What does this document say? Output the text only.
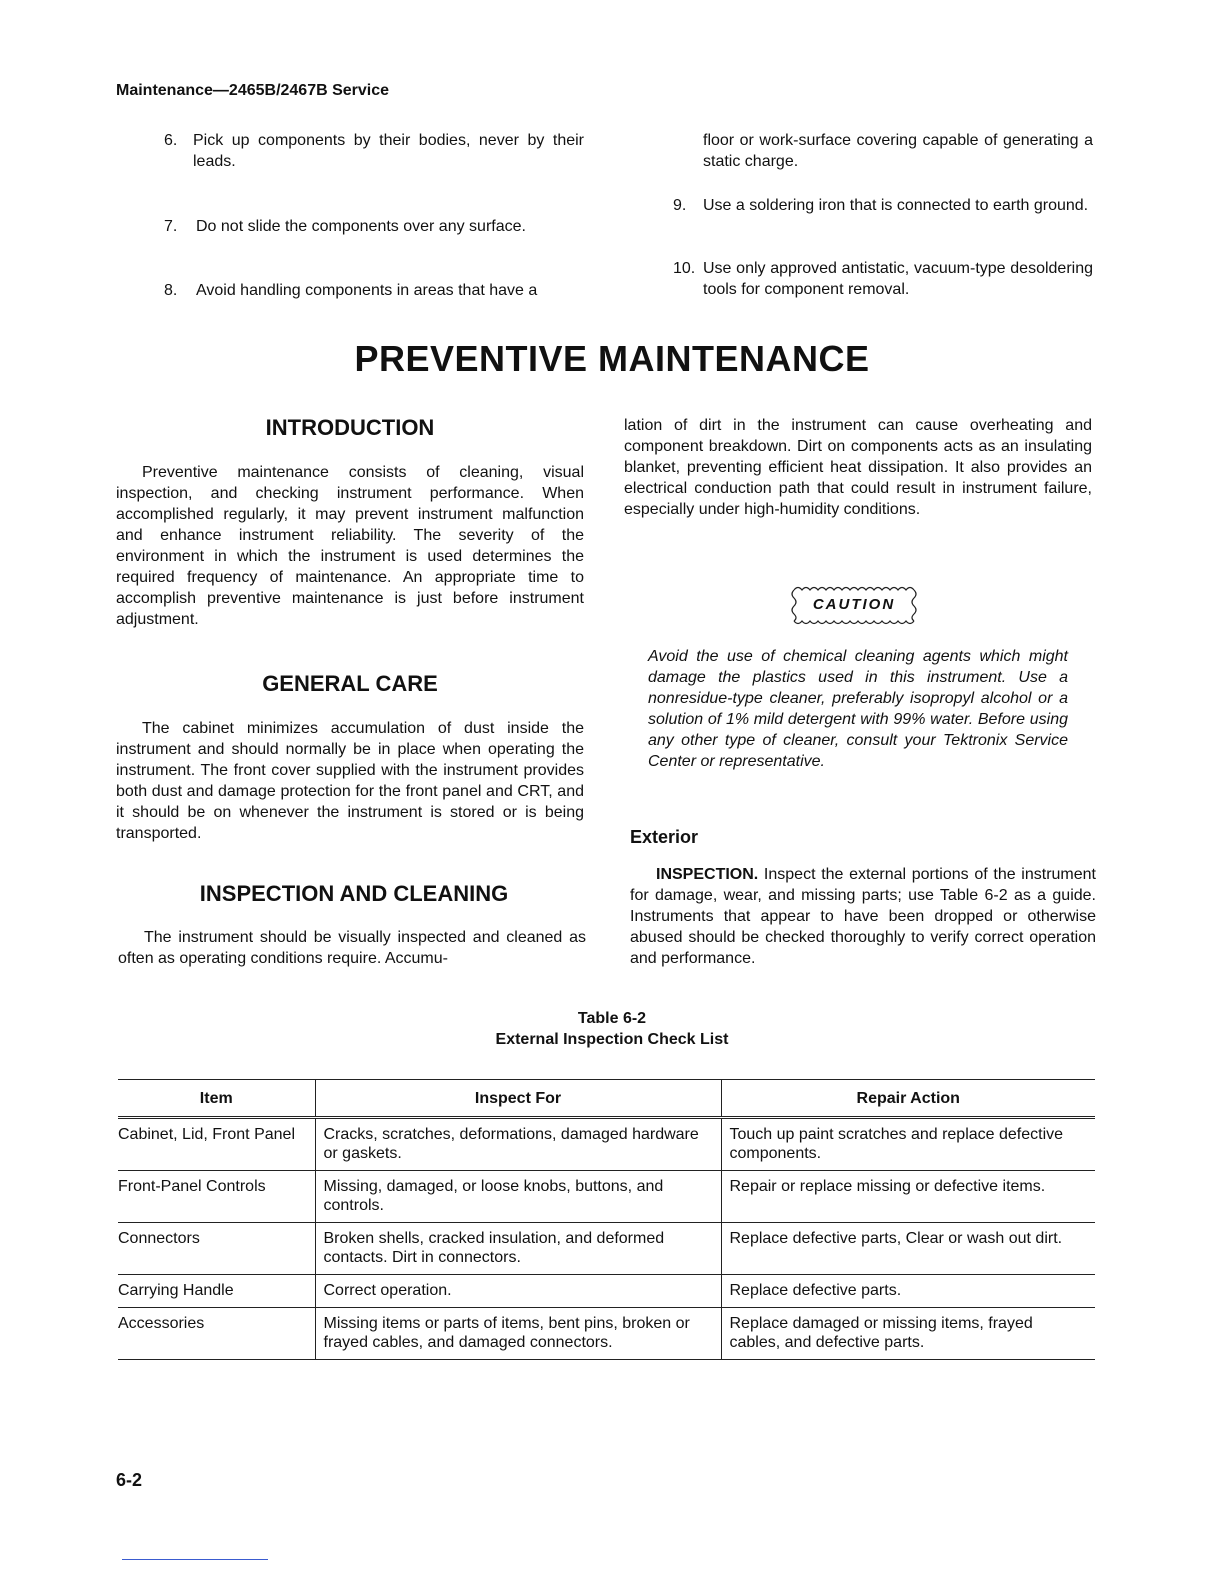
Maintenance—2465B/2467B Service
6. Pick up components by their bodies, never by their leads.
7.	Do not slide the components over any surface.
8.	Avoid handling components in areas that have a
floor or work-surface covering capable of generating a static charge.
9.	Use a soldering iron that is connected to earth ground.
10. Use only approved antistatic, vacuum-type desoldering tools for component removal.
PREVENTIVE MAINTENANCE
INTRODUCTION
Preventive maintenance consists of cleaning, visual inspection, and checking instrument performance. When accomplished regularly, it may prevent instrument malfunction and enhance instrument reliability. The severity of the environment in which the instrument is used determines the required frequency of maintenance. An appropriate time to accomplish preventive maintenance is just before instrument adjustment.
GENERAL CARE
The cabinet minimizes accumulation of dust inside the instrument and should normally be in place when operating the instrument. The front cover supplied with the instrument provides both dust and damage protection for the front panel and CRT, and it should be on whenever the instrument is stored or is being transported.
INSPECTION AND CLEANING
The instrument should be visually inspected and cleaned as often as operating conditions require. Accumu-
lation of dirt in the instrument can cause overheating and component breakdown. Dirt on components acts as an insulating blanket, preventing efficient heat dissipation. It also provides an electrical conduction path that could result in instrument failure, especially under high-humidity conditions.
CAUTION
Avoid the use of chemical cleaning agents which might damage the plastics used in this instrument. Use a nonresidue-type cleaner, preferably isopropyl alcohol or a solution of 1% mild detergent with 99% water. Before using any other type of cleaner, consult your Tektronix Service Center or representative.
Exterior
INSPECTION. Inspect the external portions of the instrument for damage, wear, and missing parts; use Table 6-2 as a guide. Instruments that appear to have been dropped or otherwise abused should be checked thoroughly to verify correct operation and performance.
Table 6-2
External Inspection Check List
Item	Inspect For	Repair Action
Cabinet, Lid, Front Panel	Cracks, scratches, deformations, damaged hardware or gaskets.	Touch up paint scratches and replace defective components.
Front-Panel Controls	Missing, damaged, or loose knobs, buttons, and controls.	Repair or replace missing or defective items.
Connectors	Broken shells, cracked insulation, and deformed contacts. Dirt in connectors.	Replace defective parts, Clear or wash out dirt.
Carrying Handle	Correct operation.	Replace defective parts.
Accessories	Missing items or parts of items, bent pins, broken or frayed cables, and damaged connectors.	Replace damaged or missing items, frayed cables, and defective parts.
6-2
